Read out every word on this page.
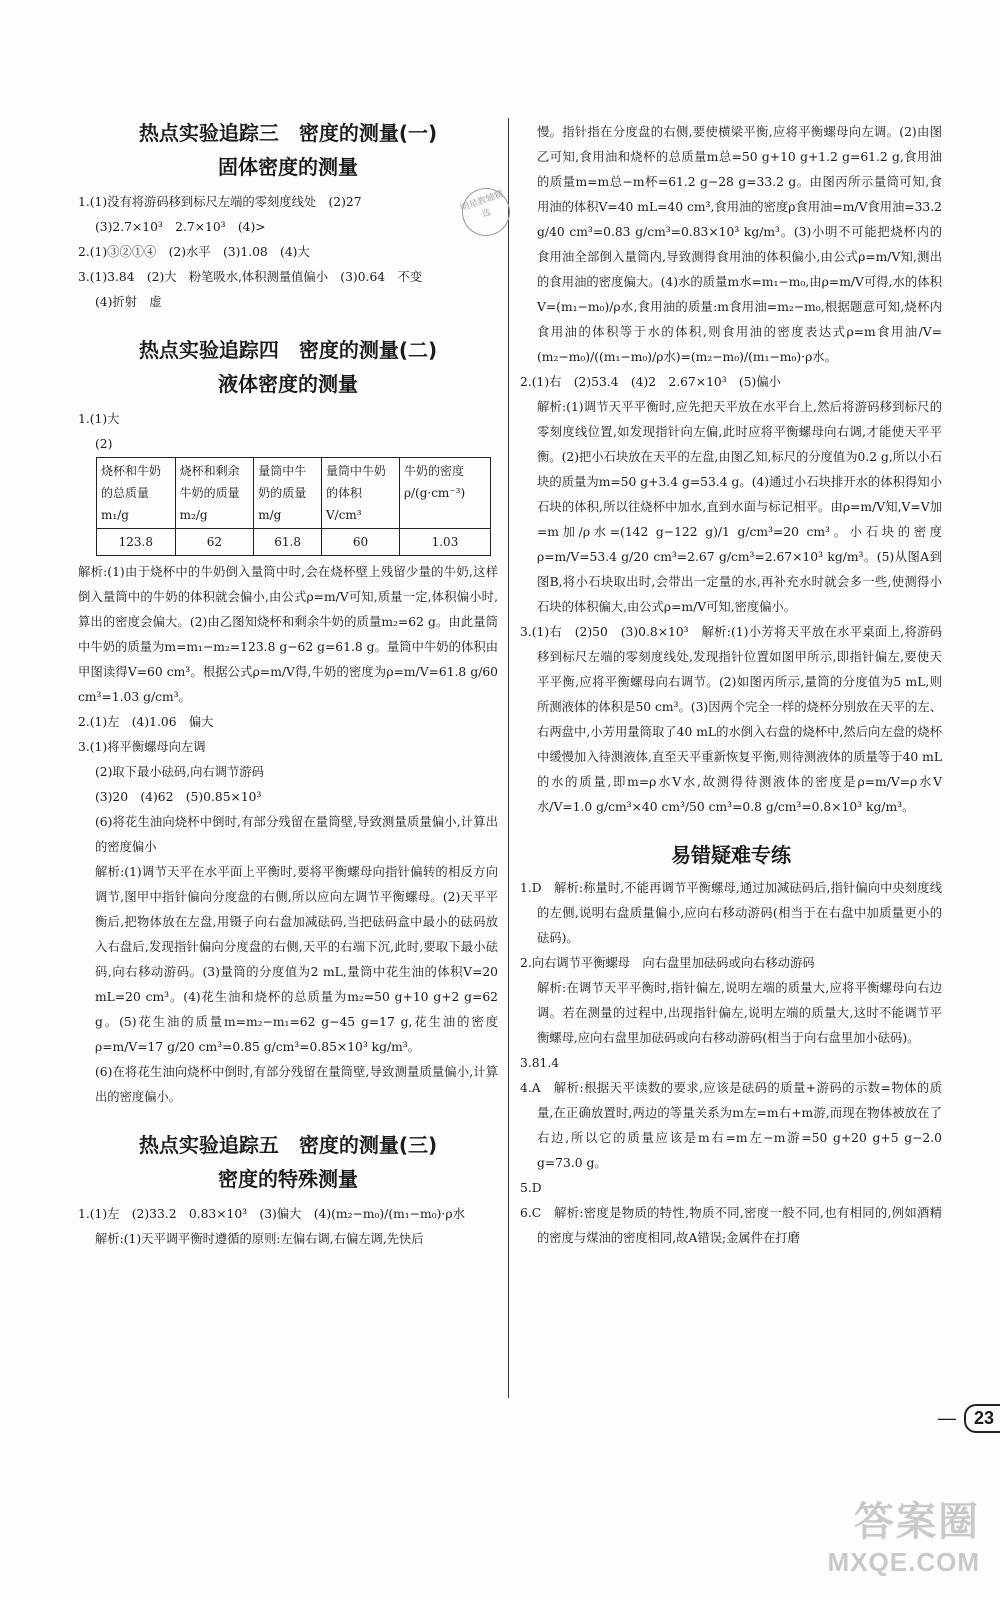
明星教辅精选
热点实验追踪三　密度的测量(一)
固体密度的测量

1.(1)没有将游码移到标尺左端的零刻度线处　(2)27

(3)2.7×10³　2.7×10³　(4)>

2.(1)③②①④　(2)水平　(3)1.08　(4)大

3.(1)3.84　(2)大　粉笔吸水,体积测量值偏小　(3)0.64　不变

(4)折射　虚

热点实验追踪四　密度的测量(二)
液体密度的测量

1.(1)大

(2)

烧杯和牛奶的总质量m₁/g	烧杯和剩余牛奶的质量m₂/g	量筒中牛奶的质量m/g	量筒中牛奶的体积V/cm³	牛奶的密度ρ/(g·cm⁻³)
123.8	62	61.8	60	1.03

解析:(1)由于烧杯中的牛奶倒入量筒中时,会在烧杯壁上残留少量的牛奶,这样倒入量筒中的牛奶的体积就会偏小,由公式ρ=m/V可知,质量一定,体积偏小时,算出的密度会偏大。(2)由乙图知烧杯和剩余牛奶的质量m₂=62 g。由此量筒中牛奶的质量为m=m₁−m₂=123.8 g−62 g=61.8 g。量筒中牛奶的体积由甲图读得V=60 cm³。根据公式ρ=m/V得,牛奶的密度为ρ=m/V=61.8 g/60 cm³=1.03 g/cm³。

2.(1)左　(4)1.06　偏大

3.(1)将平衡螺母向左调

(2)取下最小砝码,向右调节游码

(3)20　(4)62　(5)0.85×10³

(6)将花生油向烧杯中倒时,有部分残留在量筒壁,导致测量质量偏小,计算出的密度偏小

解析:(1)调节天平在水平面上平衡时,要将平衡螺母向指针偏转的相反方向调节,图甲中指针偏向分度盘的右侧,所以应向左调节平衡螺母。(2)天平平衡后,把物体放在左盘,用镊子向右盘加减砝码,当把砝码盒中最小的砝码放入右盘后,发现指针偏向分度盘的右侧,天平的右端下沉,此时,要取下最小砝码,向右移动游码。(3)量筒的分度值为2 mL,量筒中花生油的体积V=20 mL=20 cm³。(4)花生油和烧杯的总质量为m₂=50 g+10 g+2 g=62 g。(5)花生油的质量m=m₂−m₁=62 g−45 g=17 g,花生油的密度ρ=m/V=17 g/20 cm³=0.85 g/cm³=0.85×10³ kg/m³。

(6)在将花生油向烧杯中倒时,有部分残留在量筒壁,导致测量质量偏小,计算出的密度偏小。

热点实验追踪五　密度的测量(三)
密度的特殊测量

1.(1)左　(2)33.2　0.83×10³　(3)偏大　(4)(m₂−m₀)/(m₁−m₀)·ρ水

解析:(1)天平调平衡时遵循的原则:左偏右调,右偏左调,先快后

慢。指针指在分度盘的右侧,要使横梁平衡,应将平衡螺母向左调。(2)由图乙可知,食用油和烧杯的总质量m总=50 g+10 g+1.2 g=61.2 g,食用油的质量m=m总−m杯=61.2 g−28 g=33.2 g。由图丙所示量筒可知,食用油的体积V=40 mL=40 cm³,食用油的密度ρ食用油=m/V食用油=33.2 g/40 cm³=0.83 g/cm³=0.83×10³ kg/m³。(3)小明不可能把烧杯内的食用油全部倒入量筒内,导致测得食用油的体积偏小,由公式ρ=m/V知,测出的食用油的密度偏大。(4)水的质量m水=m₁−m₀,由ρ=m/V可得,水的体积V=(m₁−m₀)/ρ水,食用油的质量:m食用油=m₂−m₀,根据题意可知,烧杯内食用油的体积等于水的体积,则食用油的密度表达式ρ=m食用油/V=(m₂−m₀)/((m₁−m₀)/ρ水)=(m₂−m₀)/(m₁−m₀)·ρ水。

2.(1)右　(2)53.4　(4)2　2.67×10³　(5)偏小

解析:(1)调节天平平衡时,应先把天平放在水平台上,然后将游码移到标尺的零刻度线位置,如发现指针向左偏,此时应将平衡螺母向右调,才能使天平平衡。(2)把小石块放在天平的左盘,由图乙知,标尺的分度值为0.2 g,所以小石块的质量为m=50 g+3.4 g=53.4 g。(4)通过小石块排开水的体积得知小石块的体积,所以往烧杯中加水,直到水面与标记相平。由ρ=m/V知,V=V加=m加/ρ水=(142 g−122 g)/1 g/cm³=20 cm³。小石块的密度ρ=m/V=53.4 g/20 cm³=2.67 g/cm³=2.67×10³ kg/m³。(5)从图A到图B,将小石块取出时,会带出一定量的水,再补充水时就会多一些,使测得小石块的体积偏大,由公式ρ=m/V可知,密度偏小。

3.(1)右　(2)50　(3)0.8×10³　解析:(1)小芳将天平放在水平桌面上,将游码移到标尺左端的零刻度线处,发现指针位置如图甲所示,即指针偏左,要使天平平衡,应将平衡螺母向右调节。(2)如图丙所示,量筒的分度值为5 mL,则所测液体的体积是50 cm³。(3)因两个完全一样的烧杯分别放在天平的左、右两盘中,小芳用量筒取了40 mL的水倒入右盘的烧杯中,然后向左盘的烧杯中缓慢加入待测液体,直至天平重新恢复平衡,则待测液体的质量等于40 mL的水的质量,即m=ρ水V水,故测得待测液体的密度是ρ=m/V=ρ水V水/V=1.0 g/cm³×40 cm³/50 cm³=0.8 g/cm³=0.8×10³ kg/m³。

易错疑难专练

1.D　解析:称量时,不能再调节平衡螺母,通过加减砝码后,指针偏向中央刻度线的左侧,说明右盘质量偏小,应向右移动游码(相当于在右盘中加质量更小的砝码)。

2.向右调节平衡螺母　向右盘里加砝码或向右移动游码

解析:在调节天平平衡时,指针偏左,说明左端的质量大,应将平衡螺母向右边调。若在测量的过程中,出现指针偏左,说明左端的质量大,这时不能调节平衡螺母,应向右盘里加砝码或向右移动游码(相当于向右盘里加小砝码)。

3.81.4

4.A　解析:根据天平读数的要求,应该是砝码的质量+游码的示数=物体的质量,在正确放置时,两边的等量关系为m左=m右+m游,而现在物体被放在了右边,所以它的质量应该是m右=m左−m游=50 g+20 g+5 g−2.0 g=73.0 g。

5.D

6.C　解析:密度是物质的特性,物质不同,密度一般不同,也有相同的,例如酒精的密度与煤油的密度相同,故A错误;金属件在打磨

— 23
答案圈
MXQE.COM
